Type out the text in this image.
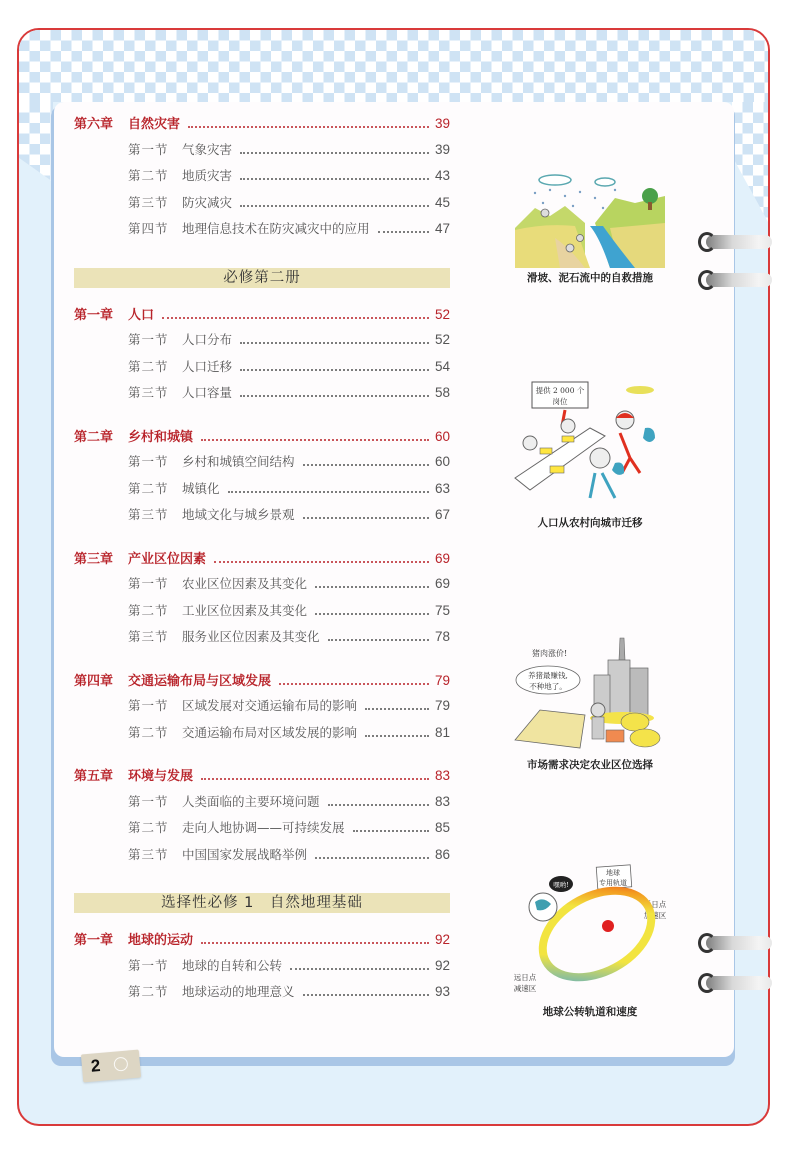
第六章	自然灾害	39
第一节	气象灾害	39
第二节	地质灾害	43
第三节	防灾减灾	45
第四节	地理信息技术在防灾减灾中的应用	47
必修第二册
第一章	人口	52
第一节	人口分布	52
第二节	人口迁移	54
第三节	人口容量	58
第二章	乡村和城镇	60
第一节	乡村和城镇空间结构	60
第二节	城镇化	63
第三节	地域文化与城乡景观	67
第三章	产业区位因素	69
第一节	农业区位因素及其变化	69
第二节	工业区位因素及其变化	75
第三节	服务业区位因素及其变化	78
第四章	交通运输布局与区域发展	79
第一节	区域发展对交通运输布局的影响	79
第二节	交通运输布局对区域发展的影响	81
第五章	环境与发展	83
第一节	人类面临的主要环境问题	83
第二节	走向人地协调——可持续发展	85
第三节	中国国家发展战略举例	86
选择性必修 1　自然地理基础
第一章	地球的运动	92
第一节	地球的自转和公转	92
第二节	地球运动的地理意义	93
滑坡、泥石流中的自救措施
提供 2 000 个
岗位
人口从农村向城市迁移
猪肉涨价!
养猪最赚钱,
不种地了。
市场需求决定农业区位选择
地球
专用轨道
近日点
加速区
嘿哟!
远日点
减速区
地球公转轨道和速度
2
